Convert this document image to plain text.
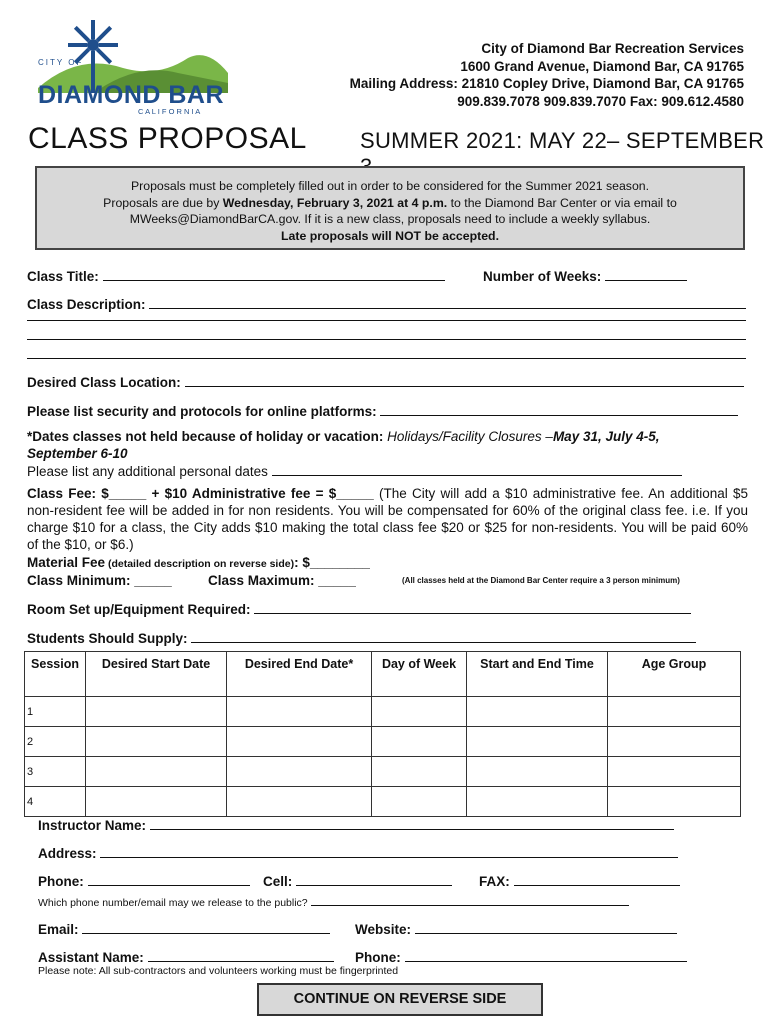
CITY OF
DIAMOND BAR
C A L I F O R N I A
City of Diamond Bar Recreation Services
1600 Grand Avenue, Diamond Bar, CA 91765
Mailing Address: 21810 Copley Drive, Diamond Bar, CA 91765
909.839.7078 909.839.7070 Fax: 909.612.4580
CLASS PROPOSAL SUMMER 2021: MAY 22– SEPTEMBER
Proposals must be completely filled out in order to be considered for the Summer 2021 season.
Proposals are due by Wednesday, February 3, 2021 at 4 p.m. to the Diamond Bar Center or via email to
MWeeks@DiamondBarCA.gov. If it is a new class, proposals need to include a weekly syllabus.
Late proposals will NOT be accepted.
Class Title:	Number of Weeks:
Class Description:
Desired Class Location:
Please list security and protocols for online platforms:
*Dates classes not held because of holiday or vacation: Holidays/Facility Closures –May 31, July 4-5,
September 6-10
Please list any additional personal dates
Class Fee: $_____ + $10 Administrative fee = $_____ (The City will add a $10 administrative fee. An additional $5 non-resident fee will be added in for non residents. You will be compensated for 60% of the original class fee. i.e. If you charge $10 for a class, the City adds $10 making the total class fee $20 or $25 for non-residents. You will be paid 60% of the $10, or $6.)
Material Fee (detailed description on reverse side): $________
Class Minimum: _____	Class Maximum: _____	(All classes held at the Diamond Bar Center require a 3 person minimum)
Room Set up/Equipment Required:
Students Should Supply:
Session	Desired Start Date	Desired End Date*	Day of Week	Start and End Time	Age Group
1					
2					
3					
4					
Instructor Name:
Address:
Phone:	Cell:	FAX:
Which phone number/email may we release to the public?
Email:	Website:
Assistant Name:	Phone:
Please note: All sub-contractors and volunteers working must be fingerprinted
CONTINUE ON REVERSE SIDE
